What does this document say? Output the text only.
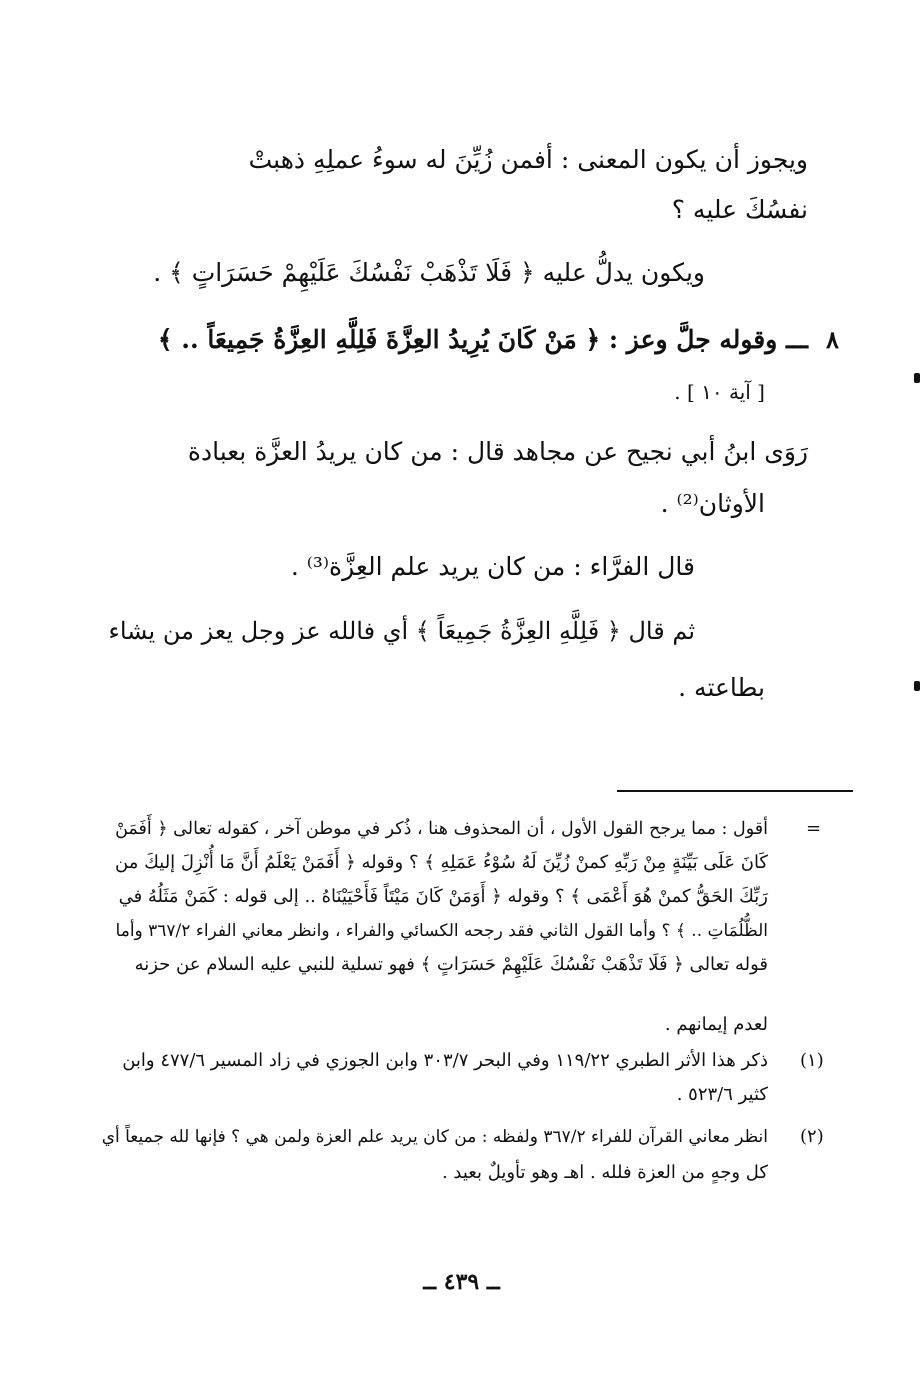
ويجوز أن يكون المعنى : أفمن زُيِّنَ له سوءُ عملِهِ ذهبتْ
نفسُكَ عليه ؟
ويكون يدلُّ عليه ﴿ فَلَا تَذْهَبْ نَفْسُكَ عَلَيْهِمْ حَسَرَاتٍ ﴾ .
٨
ـــ وقوله جلَّ وعز : ﴿ مَنْ كَانَ يُرِيدُ العِزَّةَ فَلِلَّهِ العِزَّةُ جَمِيعَاً .. ﴾
[ آية ١٠ ] .
رَوَى ابنُ أبي نجيح عن مجاهد قال : من كان يريدُ العزَّة بعبادة
الأوثان⁽²⁾ .
قال الفرَّاء : من كان يريد علم العِزَّة⁽³⁾ .
ثم قال ﴿ فَلِلَّهِ العِزَّةُ جَمِيعَاً ﴾ أي فالله عز وجل يعز من يشاء
بطاعته .
=
أقول : مما يرجح القول الأول ، أن المحذوف هنا ، ذُكر في موطن آخر ، كقوله تعالى ﴿ أَفَمَنْ
كَانَ عَلَى بَيِّنَةٍ مِنْ رَبِّهِ كمنْ زُيِّنَ لَهُ سُوْءُ عَمَلِهِ ﴾ ؟ وقوله ﴿ أَفَمَنْ يَعْلَمُ أَنَّ مَا أُنْزِلَ إليكَ من
رَبِّكَ الحَقُّ كمنْ هُوَ أَعْمَى ﴾ ؟ وقوله ﴿ أَوَمَنْ كَانَ مَيْتَاً فَأَحْيَيْنَاهُ .. إلى قوله : كَمَنْ مَثَلُهُ في
الظُّلُمَاتِ .. ﴾ ؟ وأما القول الثاني فقد رجحه الكسائي والفراء ، وانظر معاني الفراء ٣٦٧/٢ وأما
قوله تعالى ﴿ فَلَا تَذْهَبْ نَفْسُكَ عَلَيْهِمْ حَسَرَاتٍ ﴾ فهو تسلية للنبي عليه السلام عن حزنه
لعدم إيمانهم .
(١)
ذكر هذا الأثر الطبري ١١٩/٢٢ وفي البحر ٣٠٣/٧ وابن الجوزي في زاد المسير ٤٧٧/٦ وابن
كثير ٥٢٣/٦ .
(٢)
انظر معاني القرآن للفراء ٣٦٧/٢ ولفظه : من كان يريد علم العزة ولمن هي ؟ فإنها لله جميعاً أي
كل وجهٍ من العزة فلله . اهـ وهو تأويلٌ بعيد .
ــ ٤٣٩ ــ
